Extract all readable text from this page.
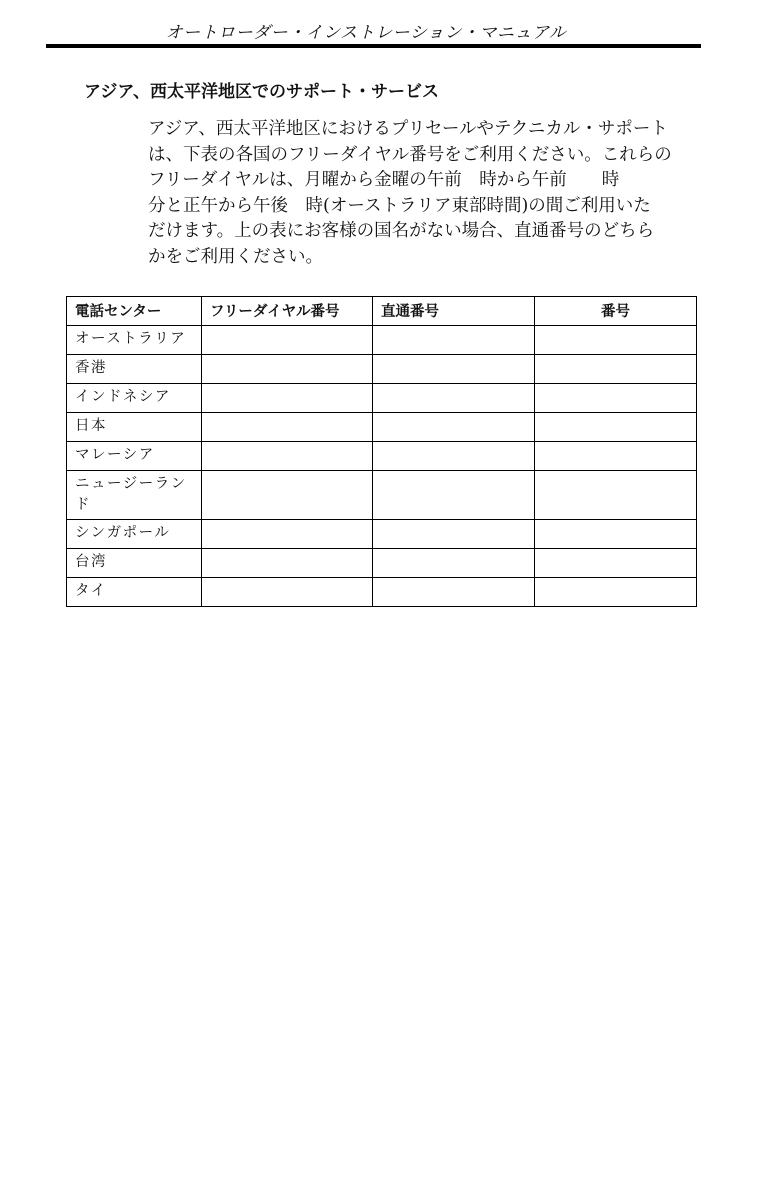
オートローダー・インストレーション・マニュアル
アジア、西太平洋地区でのサポート・サービス
アジア、西太平洋地区におけるプリセールやテクニカル・サポート
は、下表の各国のフリーダイヤル番号をご利用ください。これらの
フリーダイヤルは、月曜から金曜の午前　時から午前　　時
分と正午から午後　時(オーストラリア東部時間)の間ご利用いた
だけます。上の表にお客様の国名がない場合、直通番号のどちら
かをご利用ください。
電話センター	フリーダイヤル番号	直通番号	番号
オーストラリア			
香港			
インドネシア			
日本			
マレーシア			
ニュージーランド			
シンガポール			
台湾			
タイ			
